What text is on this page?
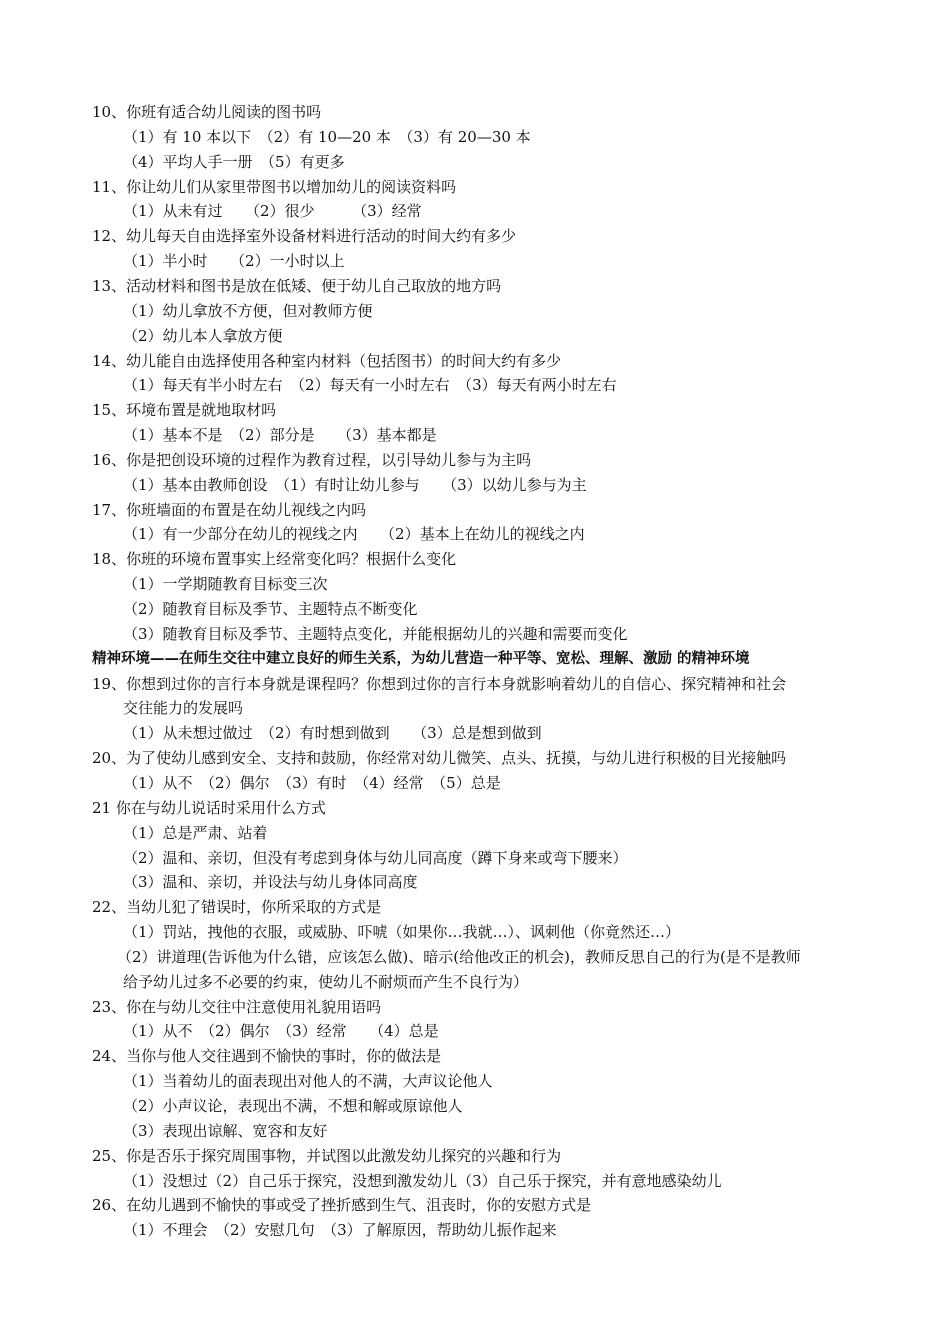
10、你班有适合幼儿阅读的图书吗
（1）有 10 本以下　（2）有 10—20 本　（3）有 20—30 本
（4）平均人手一册　（5）有更多
11、你让幼儿们从家里带图书以增加幼儿的阅读资料吗
（1）从未有过　　（2）很少　　　（3）经常
12、幼儿每天自由选择室外设备材料进行活动的时间大约有多少
（1）半小时　　（2）一小时以上
13、活动材料和图书是放在低矮、便于幼儿自己取放的地方吗
（1）幼儿拿放不方便，但对教师方便
（2）幼儿本人拿放方便
14、幼儿能自由选择使用各种室内材料（包括图书）的时间大约有多少
（1）每天有半小时左右　（2）每天有一小时左右　（3）每天有两小时左右
15、环境布置是就地取材吗
（1）基本不是　（2）部分是　　（3）基本都是
16、你是把创设环境的过程作为教育过程，以引导幼儿参与为主吗
（1）基本由教师创设　（1）有时让幼儿参与　　（3）以幼儿参与为主
17、你班墙面的布置是在幼儿视线之内吗
（1）有一少部分在幼儿的视线之内　　（2）基本上在幼儿的视线之内
18、你班的环境布置事实上经常变化吗？根据什么变化
（1）一学期随教育目标变三次
（2）随教育目标及季节、主题特点不断变化
（3）随教育目标及季节、主题特点变化，并能根据幼儿的兴趣和需要而变化
精神环境——在师生交往中建立良好的师生关系，为幼儿营造一种平等、宽松、理解、激励 的精神环境
19、你想到过你的言行本身就是课程吗？你想到过你的言行本身就影响着幼儿的自信心、探究精神和社会
交往能力的发展吗
（1）从未想过做过　（2）有时想到做到　　（3）总是想到做到
20、为了使幼儿感到安全、支持和鼓励，你经常对幼儿微笑、点头、抚摸，与幼儿进行积极的目光接触吗
（1）从不　（2）偶尔　（3）有时　（4）经常　（5）总是
21 你在与幼儿说话时采用什么方式
（1）总是严肃、站着
（2）温和、亲切，但没有考虑到身体与幼儿同高度（蹲下身来或弯下腰来）
（3）温和、亲切，并设法与幼儿身体同高度
22、当幼儿犯了错误时，你所采取的方式是
（1）罚站，拽他的衣服，或威胁、吓唬（如果你…我就…）、讽刺他（你竟然还…）
（2）讲道理(告诉他为什么错，应该怎么做)、暗示(给他改正的机会)，教师反思自己的行为(是不是教师
给予幼儿过多不必要的约束，使幼儿不耐烦而产生不良行为）
23、你在与幼儿交往中注意使用礼貌用语吗
（1）从不　（2）偶尔　（3）经常　　（4）总是
24、当你与他人交往遇到不愉快的事时，你的做法是
（1）当着幼儿的面表现出对他人的不满，大声议论他人
（2）小声议论，表现出不满，不想和解或原谅他人
（3）表现出谅解、宽容和友好
25、你是否乐于探究周围事物，并试图以此激发幼儿探究的兴趣和行为
（1）没想过（2）自己乐于探究，没想到激发幼儿（3）自己乐于探究，并有意地感染幼儿
26、在幼儿遇到不愉快的事或受了挫折感到生气、沮丧时，你的安慰方式是
（1）不理会　（2）安慰几句　（3）了解原因，帮助幼儿振作起来
